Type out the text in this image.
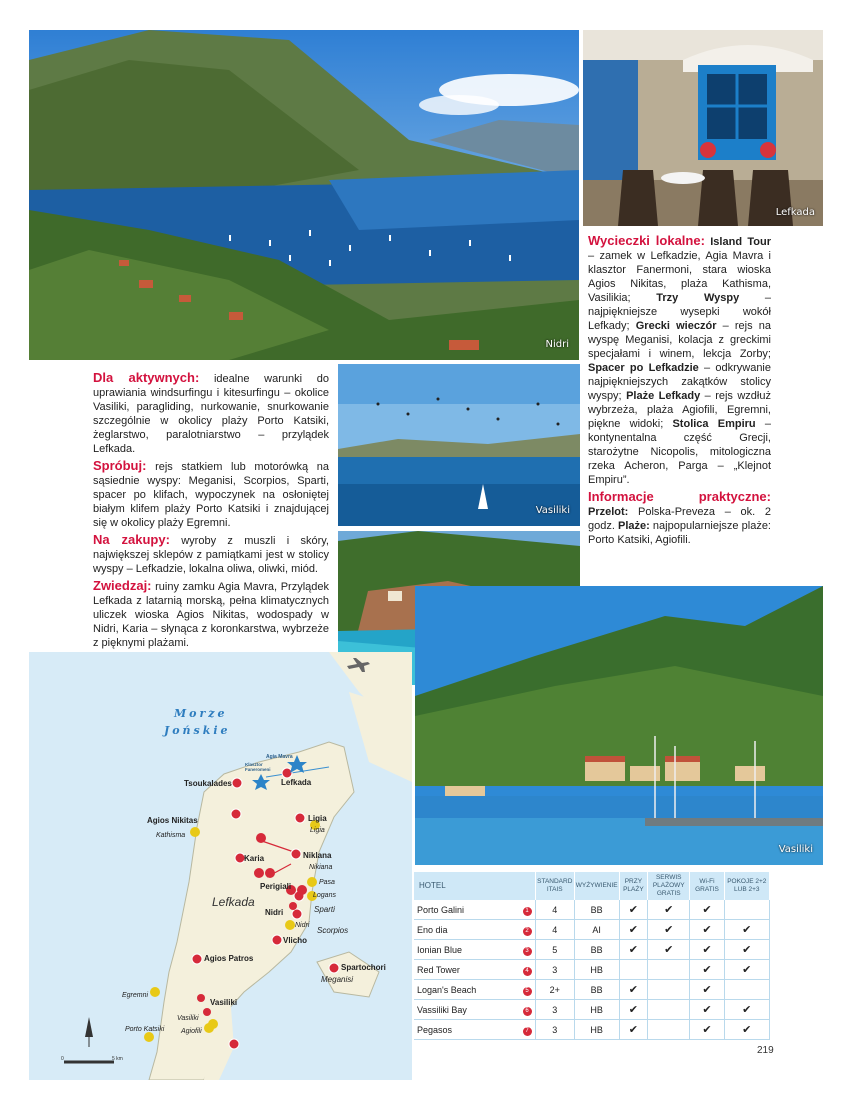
Nidri
Lefkada
Vasiliki
Vasiliki

Dla aktywnych: idealne warunki do uprawiania windsurfingu i kitesurfingu – okolice Vasiliki, paragliding, nurkowanie, snurkowanie szczególnie w okolicy plaży Porto Katsiki, żeglarstwo, paralotniarstwo – przylądek Lefkada.

Spróbuj: rejs statkiem lub motorówką na sąsiednie wyspy: Meganisi, Scorpios, Sparti, spacer po klifach, wypoczynek na osłoniętej białym klifem plaży Porto Katsiki i znajdującej się w okolicy plaży Egremni.

Na zakupy: wyroby z muszli i skóry, największej sklepów z pamiątkami jest w stolicy wyspy – Lefkadzie, lokalna oliwa, oliwki, miód.

Zwiedzaj: ruiny zamku Agia Mavra, Przylądek Lefkada z latarnią morską, pełna klimatycznych uliczek wioska Agios Nikitas, wodospady w Nidri, Karia – słynąca z koronkarstwa, wybrzeże z pięknymi plażami.

Wycieczki lokalne: Island Tour – zamek w Lefkadzie, Agia Mavra i klasztor Fanermoni, stara wioska Agios Nikitas, plaża Kathisma, Vasilikia; Trzy Wyspy – najpiękniejsze wysepki wokół Lefkady; Grecki wieczór – rejs na wyspę Meganisi, kolacja z greckimi specjałami i winem, lekcja Zorby; Spacer po Lefkadzie – odkrywanie najpiękniejszych zakątków stolicy wyspy; Plaże Lefkady – rejs wzdłuż wybrzeża, plaża Agiofili, Egremni, piękne widoki; Stolica Empiru – kontynentalna część Grecji, starożytne Nicopolis, mitologiczna rzeka Acheron, Parga – „Klejnot Empiru”.

Informacje praktyczne: Przelot: Polska-Preveza – ok. 2 godz. Plaże: najpopularniejsze plaże: Porto Katsiki, Agiofili.

Morze
Jońskie
Agia Mavra
Klasztor Faneromeni
Tsoukalades	Lefkada
Agios Nikitas
Kathisma
Ligia
Ligia
Karia	Niklana
Nikiana
Perigiali	Pasa
Logans
Lefkada
Nidri	Sparti
Nidri
Scorpios
Vlicho
Agios Patros
Spartochori
Meganisi
Egremni
Vasiliki
Vasiliki
Porto Katsiki Agiofili
0	5 km
HOTEL		STANDARD ITAIS	WYŻYWIENIE	PRZY PLAŻY	SERWIS PLAŻOWY GRATIS	Wi-Fi GRATIS	POKOJE 2+2 LUB 2+3
Porto Galini	1	4	BB	✔	✔	✔	
Eno dia	2	4	AI	✔	✔	✔	✔
Ionian Blue	3	5	BB	✔	✔	✔	✔
Red Tower	4	3	HB			✔	✔
Logan's Beach	5	2+	BB	✔		✔	
Vassiliki Bay	6	3	HB	✔		✔	✔
Pegasos	7	3	HB	✔		✔	✔
219
